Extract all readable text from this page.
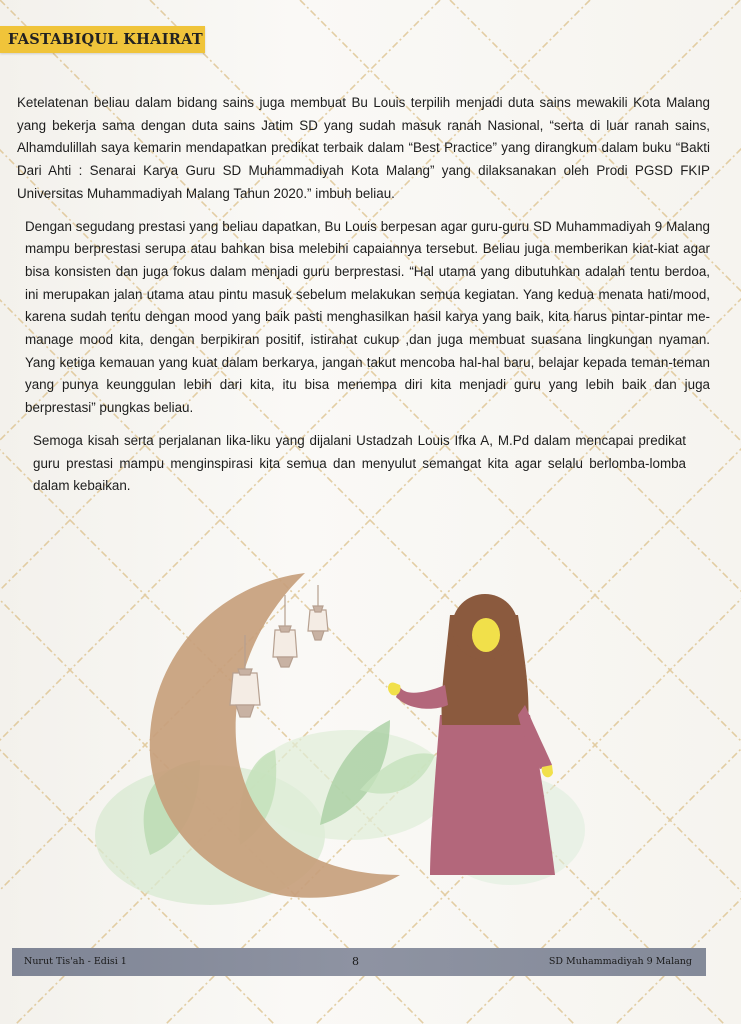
FASTABIQUL KHAIRAT

Ketelatenan beliau dalam bidang sains juga membuat Bu Louis terpilih menjadi duta sains mewakili Kota Malang yang bekerja sama dengan duta sains Jatim SD yang sudah masuk ranah Nasional, “serta di luar ranah sains, Alhamdulillah saya kemarin mendapatkan predikat terbaik dalam “Best Practice” yang dirangkum dalam buku “Bakti Dari Ahti : Senarai Karya Guru SD Muhammadiyah Kota Malang” yang dilaksanakan oleh Prodi PGSD FKIP Universitas Muhammadiyah Malang Tahun 2020.” imbuh beliau.

Dengan segudang prestasi yang beliau dapatkan, Bu Louis berpesan agar guru-guru SD Muhammadiyah 9 Malang mampu berprestasi serupa atau bahkan bisa melebihi capaiannya tersebut. Beliau juga memberikan kiat-kiat agar bisa konsisten dan juga fokus dalam menjadi guru berprestasi. “Hal utama yang dibutuhkan adalah tentu berdoa, ini merupakan jalan utama atau pintu masuk sebelum melakukan semua kegiatan. Yang kedua menata hati/mood, karena sudah tentu dengan mood yang baik pasti menghasilkan hasil karya yang baik, kita harus pintar-pintar me-manage mood kita, dengan berpikiran positif, istirahat cukup ,dan juga membuat suasana lingkungan nyaman. Yang ketiga kemauan yang kuat dalam berkarya, jangan takut mencoba hal-hal baru, belajar kepada teman-teman yang punya keunggulan lebih dari kita, itu bisa menempa diri kita menjadi guru yang lebih baik dan juga berprestasi” pungkas beliau.

Semoga kisah serta perjalanan lika-liku yang dijalani Ustadzah Louis Ifka A, M.Pd dalam mencapai predikat guru prestasi mampu menginspirasi kita semua dan menyulut semangat kita agar selalu berlomba-lomba dalam kebaikan.

Nurut Tis'ah - Edisi 1	8	SD Muhammadiyah 9 Malang
